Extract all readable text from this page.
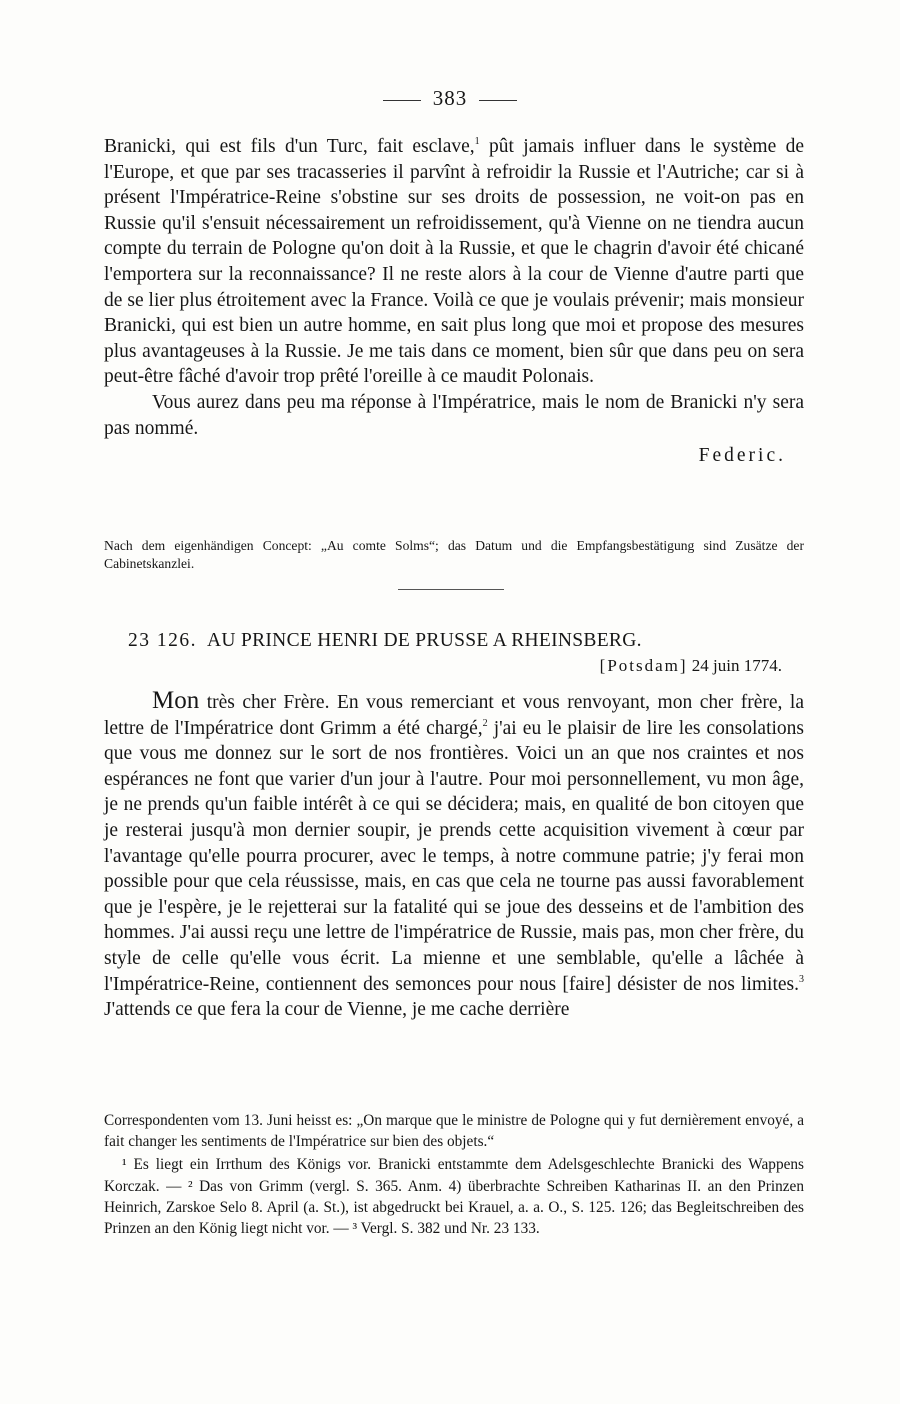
383

Branicki, qui est fils d'un Turc, fait esclave,$^1$ pût jamais influer dans le système de l'Europe, et que par ses tracasseries il parvînt à refroidir la Russie et l'Autriche; car si à présent l'Impératrice-Reine s'obstine sur ses droits de possession, ne voit-on pas en Russie qu'il s'ensuit nécessairement un refroidissement, qu'à Vienne on ne tiendra aucun compte du terrain de Pologne qu'on doit à la Russie, et que le chagrin d'avoir été chicané l'emportera sur la reconnaissance? Il ne reste alors à la cour de Vienne d'autre parti que de se lier plus étroitement avec la France. Voilà ce que je voulais prévenir; mais monsieur Branicki, qui est bien un autre homme, en sait plus long que moi et propose des mesures plus avantageuses à la Russie. Je me tais dans ce moment, bien sûr que dans peu on sera peut-être fâché d'avoir trop prêté l'oreille à ce maudit Polonais.

Vous aurez dans peu ma réponse à l'Impératrice, mais le nom de Branicki n'y sera pas nommé.

Federic.
Nach dem eigenhändigen Concept: „Au comte Solms“; das Datum und die Empfangsbestätigung sind Zusätze der Cabinetskanzlei.
23 126. AU PRINCE HENRI DE PRUSSE A RHEINSBERG.
[Potsdam] 24 juin 1774.

Mon très cher Frère. En vous remerciant et vous renvoyant, mon cher frère, la lettre de l'Impératrice dont Grimm a été chargé,$^2$ j'ai eu le plaisir de lire les consolations que vous me donnez sur le sort de nos frontières. Voici un an que nos craintes et nos espérances ne font que varier d'un jour à l'autre. Pour moi personnellement, vu mon âge, je ne prends qu'un faible intérêt à ce qui se décidera; mais, en qualité de bon citoyen que je resterai jusqu'à mon dernier soupir, je prends cette acquisition vivement à cœur par l'avantage qu'elle pourra procurer, avec le temps, à notre commune patrie; j'y ferai mon possible pour que cela réussisse, mais, en cas que cela ne tourne pas aussi favorablement que je l'espère, je le rejetterai sur la fatalité qui se joue des desseins et de l'ambition des hommes. J'ai aussi reçu une lettre de l'impératrice de Russie, mais pas, mon cher frère, du style de celle qu'elle vous écrit. La mienne et une semblable, qu'elle a lâchée à l'Impératrice-Reine, contiennent des semonces pour nous [faire] désister de nos limites.$^3$ J'attends ce que fera la cour de Vienne, je me cache derrière

Correspondenten vom 13. Juni heisst es: „On marque que le ministre de Pologne qui y fut dernièrement envoyé, a fait changer les sentiments de l'Impératrice sur bien des objets.“

¹ Es liegt ein Irrthum des Königs vor. Branicki entstammte dem Adelsgeschlechte Branicki des Wappens Korczak. — ² Das von Grimm (vergl. S. 365. Anm. 4) überbrachte Schreiben Katharinas II. an den Prinzen Heinrich, Zarskoe Selo 8. April (a. St.), ist abgedruckt bei Krauel, a. a. O., S. 125. 126; das Begleitschreiben des Prinzen an den König liegt nicht vor. — ³ Vergl. S. 382 und Nr. 23 133.
